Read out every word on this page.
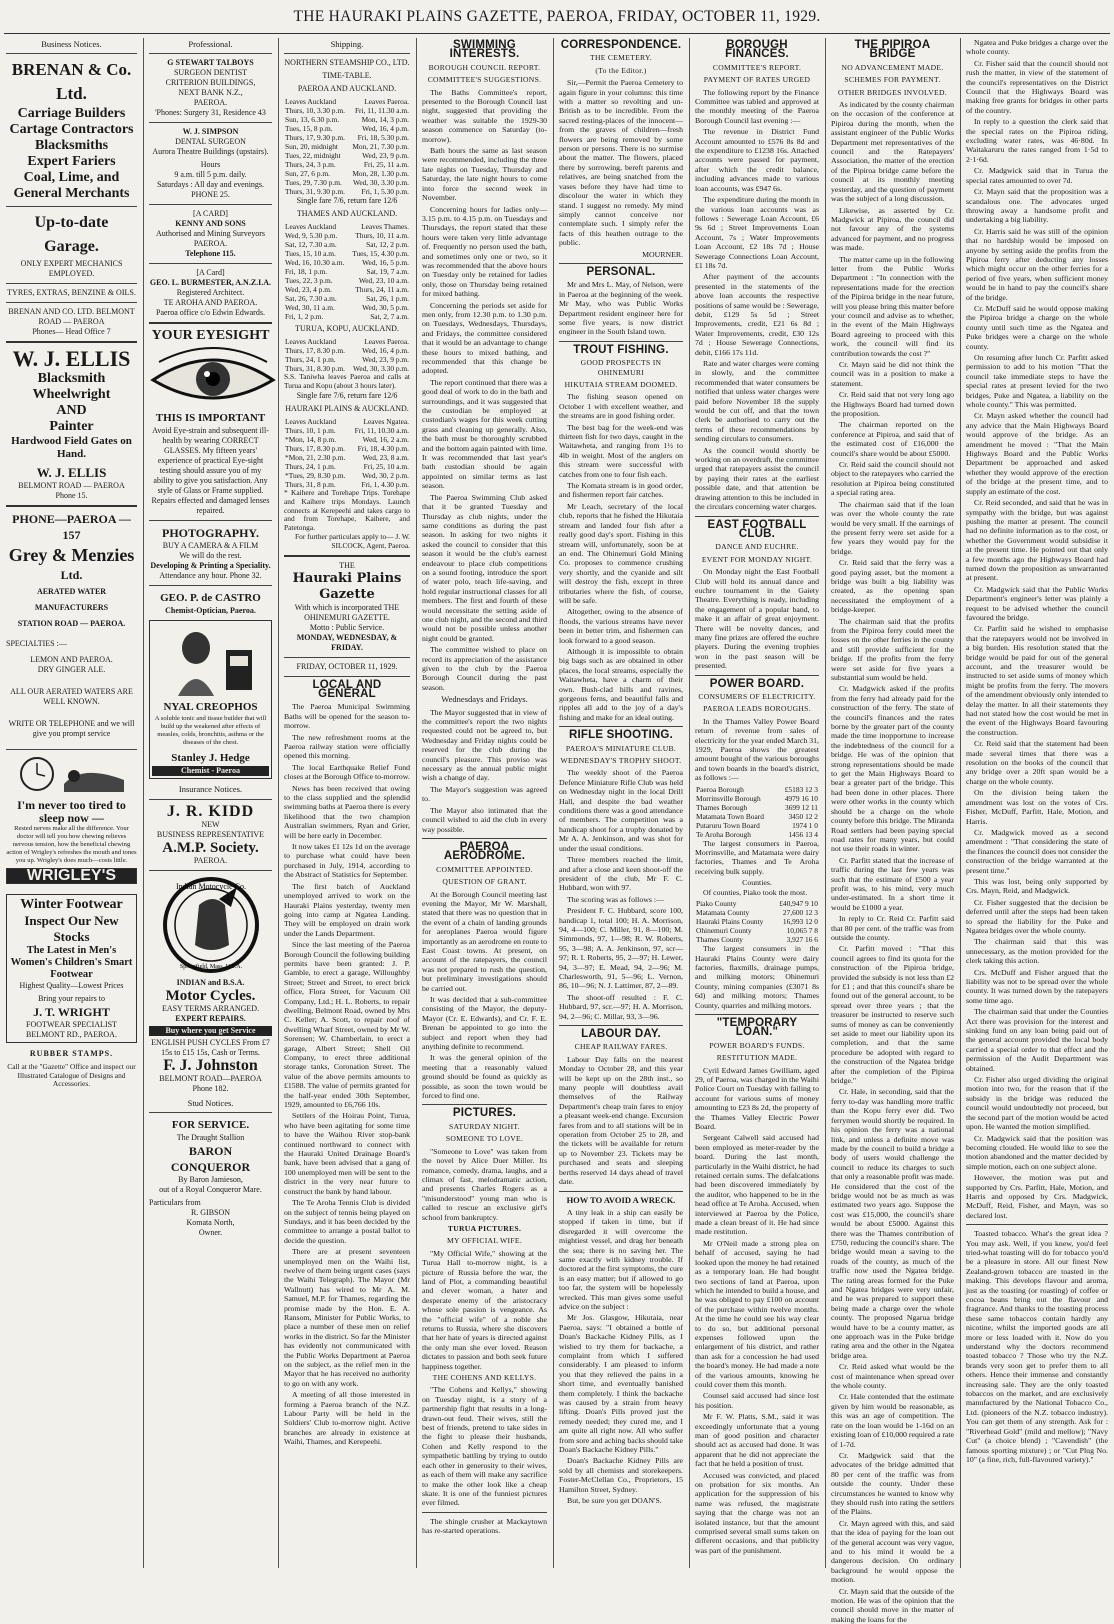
THE HAURAKI PLAINS GAZETTE, PAEROA, FRIDAY, OCTOBER 11, 1929.
Business Notices.
BRENAN & Co. Ltd.
Carriage Builders
Cartage Contractors
Blacksmiths
Expert Fariers
Coal, Lime, and
General Merchants
Up-to-date Garage.
ONLY EXPERT MECHANICS
EMPLOYED.
TYRES, EXTRAS, BENZINE & OILS.
BRENAN AND CO. LTD. BELMONT ROAD — PAEROA
Phones— Head Office 7
W. J. ELLIS
Blacksmith
Wheelwright
AND
Painter
Hardwood Field Gates on Hand.
W. J. ELLIS
BELMONT ROAD — PAEROA
Phone 15.
PHONE—PAEROA —157
Grey & Menzies
Ltd.
AERATED WATER
MANUFACTURERS
STATION ROAD — PAEROA.
SPECIALTIES :—
LEMON AND PAEROA.
DRY GINGER ALE.
ALL OUR AERATED WATERS ARE WELL KNOWN.
WRITE OR TELEPHONE and we will give you prompt service
I'm never too tired to sleep now —
Rested nerves make all the difference. Your doctor will tell you how chewing relieves nervous tension, how the beneficial chewing action of Wrigley's refreshes the mouth and tones you up. Wrigley's does much—costs little.
WRIGLEY'S
Winter Footwear
Inspect Our New Stocks
The Latest in Men's Women's Children's Smart Footwear
Highest Quality—Lowest Prices
Bring your repairs to
J. T. WRIGHT
FOOTWEAR SPECIALIST BELMONT RD., PAEROA.
RUBBER STAMPS.
Call at the "Gazette" Office and inspect our Illustrated Catalogue of Designs and Accessories.
Professional.
G STEWART TALBOYS
SURGEON DENTIST
CRITERION BUILDINGS,
NEXT BANK N.Z.,
PAEROA.
'Phones: Surgery 31, Residence 43
W. J. SIMPSON
DENTAL SURGEON
Aurora Theatre Buildings (upstairs).
Hours
9 a.m. till 5 p.m. daily.
Saturdays : All day and evenings.
PHONE 25.
[A CARD]
KENNY AND SONS
Authorised and Mining Surveyors
PAEROA.
Telephone 115.
[A Card]
GEO. L. BURMESTER, A.N.Z.I.A.
Registered Architect.
TE AROHA AND PAEROA.
Paeroa office c/o Edwin Edwards.
YOUR EYESIGHT
THIS IS IMPORTANT
Avoid Eye-strain and subsequent ill-health by wearing CORRECT GLASSES. My fifteen years' experience of practical Eye-sight testing should assure you of my ability to give you satisfaction. Any style of Glass or Frame supplied. Repairs effected and damaged lenses repaired.
PHOTOGRAPHY.
BUY A CAMERA & A FILM
We will do the rest.
Developing & Printing a Speciality.
Attendance any hour. Phone 32.
GEO. P. de CASTRO
Chemist-Optician, Paeroa.
NYAL CREOPHOS
A soluble tonic and tissue builder that will build up the weakened after effects of measles, colds, bronchitis, asthma or the diseases of the chest.
Stanley J. Hedge
Chemist - Paeroa
Insurance Notices.
J. R. KIDD
NEW
BUSINESS REPRESENTATIVE
A.M.P. Society.
PAEROA.
Indian Motocycle Co.
Springfield, Mass. U.S.A.
INDIAN and B.S.A.
Motor Cycles.
EASY TERMS ARRANGED.
EXPERT REPAIRS.
Buy where you get Service
ENGLISH PUSH CYCLES From £7 15s to £15 15s, Cash or Terms.
F. J. Johnston
BELMONT ROAD—PAEROA
Phone 182.
Stud Notices.
FOR SERVICE.
The Draught Stallion
BARON CONQUEROR
By Baron Jamieson,
out of a Royal Conqueror Mare.
Particulars from
R. GIBSON
Komata North,
Owner.
Shipping.
NORTHERN STEAMSHIP CO., LTD.
TIME-TABLE.
PAEROA AND AUCKLAND.
Leaves Auckland	Leaves Paeroa.
Thurs, 10, 3.30 p.m.	Fri, 11, 11.30 a.m.
Sun, 13, 6.30 p.m.	Mon, 14, 3 p.m.
Tues, 15, 8 p.m.	Wed, 16, 4 p.m.
Thurs, 17, 9.30 p.m.	Fri, 18, 5.30 p.m.
Sun, 20, midnight	Mon, 21, 7.30 p.m.
Tues, 22, midnight	Wed, 23, 9 p.m.
Thurs, 24, 3 p.m.	Fri, 25, 11 a.m.
Sun, 27, 6 p.m.	Mon, 28, 1.30 p.m.
Tues, 29, 7.30 p.m.	Wed, 30, 3.30 p.m.
Thurs, 31, 9.30 p.m.	Fri, 1, 5.30 p.m.
Single fare 7/6, return fare 12/6
THAMES AND AUCKLAND.
Leaves Auckland	Leaves Thames.
Wed, 9, 5.30 p.m.	Thurs, 10, 11 a.m.
Sat, 12, 7.30 a.m.	Sat, 12, 2 p.m.
Tues, 15, 10 a.m.	Tues, 15, 4.30 p.m.
Wed, 16, 10.30 a.m.	Wed, 16, 5 p.m.
Fri, 18, 1 p.m.	Sat, 19, 7 a.m.
Tues, 22, 3 p.m.	Wed, 23, 10 a.m.
Wed, 23, 4 p.m.	Thurs, 24, 11 a.m.
Sat, 26, 7.30 a.m.	Sat, 26, 1 p.m.
Wed, 30, 11 a.m.	Wed, 30, 5 p.m.
Fri, 1, 2 p.m.	Sat, 2, 7 a.m.
TURUA, KOPU, AUCKLAND.
Leaves Auckland	Leaves Paeroa.
Thurs, 17, 8.30 p.m.	Wed, 16, 4 p.m.
Thurs, 24, 1 p.m.	Wed, 23, 9 p.m.
Thurs, 31, 8.30 p.m.	Wed, 30, 3.30 p.m.
S.S. Taniwha leaves Paeroa and calls at Turua and Kopu (about 3 hours later).
Single fare 7/6, return fare 12/6
HAURAKI PLAINS & AUCKLAND.
Leaves Auckland	Leaves Ngatea.
Thurs, 10, 1 p.m.	Fri, 11, 10.30 a.m.
*Mon, 14, 8 p.m.	Wed, 16, 2 a.m.
Thurs, 17, 8.30 p.m.	Fri, 18, 4.30 p.m.
*Mon, 21, 2.30 p.m.	Wed, 23, 8 a.m.
Thurs, 24, 1 p.m.	Fri, 25, 10 a.m.
*Tues, 29, 8.30 p.m.	Wed, 30, 2 p.m.
Thurs, 31, 8 p.m.	Fri, 1, 4.30 p.m.
* Kaihere and Torehape Trips. Torehape and Kaihere trips Mondays. Launch connects at Kerepeehi and takes cargo to and from Torehape, Kaihere, and Patetonga.
For further particulars apply to— J. W. SILCOCK, Agent, Paeroa.
THE
Hauraki Plains Gazette
With which is incorporated THE OHINEMURI GAZETTE.
Motto : Public Service.
MONDAY, WEDNESDAY, & FRIDAY.
FRIDAY, OCTOBER 11, 1929.
LOCAL AND GENERAL

The Paeroa Municipal Swimming Baths will be opened for the season to-morrow.

The new refreshment rooms at the Paeroa railway station were officially opened this morning.

The local Earthquake Relief Fund closes at the Borough Office to-morrow.

News has been received that owing to the class supplied and the splendid swimming baths at Paeroa there is every likelihood that the two champion Australian swimmers, Ryan and Grier, will be here early in December.

It now takes £1 12s 1d on the average to purchase what could have been purchased in July, 1914, according to the Abstract of Statistics for September.

The first batch of Auckland unemployed arrived to work on the Hauraki Plains yesterday, twenty men going into camp at Ngatea Landing. They will be employed on drain work under the Lands Department.

Since the last meeting of the Paeroa Borough Council the following building permits have been granted: J. P. Gamble, to erect a garage, Willoughby Street; Street and Street, to erect brick office, Flora Street, for Vacuum Oil Company, Ltd.; H. L. Roberts, to repair dwelling, Belmont Road, owned by Mrs C. Keller; A. Scott, to repair roof of dwelling Wharf Street, owned by Mr W. Sorensen; W. Chamberlain, to erect a garage, Albert Street; Shell Oil Company, to erect three additional storage tanks, Coronation Street. The value of the above permits amounts to £1588. The value of permits granted for the half-year ended 30th September, 1929, amounted to £6,766 10s.

Settlers of the Hoirau Point, Turua, who have been agitating for some time to have the Waihou River stop-bank continued northward to connect with the Hauraki United Drainage Board's bank, have been advised that a gang of 100 unemployed men will be sent to the district in the very near future to construct the bank by hand labour.

The Te Aroha Tennis Club is divided on the subject of tennis being played on Sundays, and it has been decided by the committee to arrange a postal ballot to decide the question.

There are at present seventeen unemployed men on the Waihi list, twelve of them being urgent cases (says the Waihi Telegraph). The Mayor (Mr Wallnutt) has wired to Mr A. M. Samuel, M.P. for Thames, regarding the promise made by the Hon. E. A. Ransom, Minister for Public Works, to place a number of these men on relief works in the district. So far the Minister has evidently not communicated with the Public Works Department at Paeroa on the subject, as the relief men in the Mayor that he has received no authority to go on with any work.

A meeting of all those interested in forming a Paeroa branch of the N.Z. Labour Party will be held in the Soldiers' Club to-morrow night. Active branches are already in existence at Waihi, Thames, and Kerepeehi.

SWIMMING INTERESTS.
BOROUGH COUNCIL REPORT.
COMMITTEE'S SUGGESTIONS.

The Baths Committee's report, presented to the Borough Council last night, suggested that providing the weather was suitable the 1929-30 season commence on Saturday (to-morrow).

Bath hours the same as last season were recommended, including the three late nights on Tuesday, Thursday and Saturday, the late night hours to come into force the second week in November.

Concerning hours for ladies only—3.15 p.m. to 4.15 p.m. on Tuesdays and Thursdays, the report stated that these hours were taken very little advantage of. Frequently no person used the bath, and sometimes only one or two, so it was recommended that the above hours on Tuesday only be retained for ladies only, those on Thursday being retained for mixed bathing.

Concerning the periods set aside for men only, from 12.30 p.m. to 1.30 p.m. on Tuesdays, Wednesdays, Thursdays, and Fridays, the committee considered that it would be an advantage to change these hours to mixed bathing, and recommended that this change be adopted.

The report continued that there was a good deal of work to do in the bath and surroundings, and it was suggested that the custodian be employed at custodian's wages for this week cutting grass and cleaning up generally. Also, the bath must be thoroughly scrubbed and the bottom again painted with lime. It was recommended that last year's bath custodian should be again appointed on similar terms as last season.

The Paeroa Swimming Club asked that it be granted Tuesday and Thursday as club nights, under the same conditions as during the past season. In asking for two nights it asked the council to consider that this season it would be the club's earnest endeavour to place club competitions on a sound footing, introduce the sport of water polo, teach life-saving, and hold regular instructional classes for all members. The first and fourth of these would necessitate the setting aside of one club night, and the second and third would not be possible unless another night could be granted.

The committee wished to place on record its appreciation of the assistance given to the club by the Paeroa Borough Council during the past season.

Wednesdays and Fridays.

The Mayor suggested that in view of the committee's report the two nights requested could not be agreed to, but Wednesday and Friday nights could be reserved for the club during the council's pleasure. This proviso was necessary as the annual public might wish a change of day.

The Mayor's suggestion was agreed to.

The Mayor also intimated that the council wished to aid the club in every way possible.

PAEROA AERODROME.
COMMITTEE APPOINTED.
QUESTION OF GRANT.

At the Borough Council meeting last evening the Mayor, Mr W. Marshall, stated that there was no question that in the event of a chain of landing grounds for aeroplanes Paeroa would figure importantly as an aerodrome en route to East Coast towns. At present, on account of the ratepayers, the council was not prepared to rush the question, but preliminary investigations should be carried out.

It was decided that a sub-committee consisting of the Mayor, the deputy-Mayor (Cr. E. Edwards), and Cr. F. E. Brenan be appointed to go into the subject and report when they had anything definite to recommend.

It was the general opinion of the meeting that a reasonably valued ground should be found as quickly as possible, as soon the town would be forced to find one.

PICTURES.
SATURDAY NIGHT.
SOMEONE TO LOVE.

"Someone to Love" was taken from the novel by Alice Duer Miller. Its romance, comedy, drama, laughs, and a climax of fast, melodramatic action, and presents Charles Rogers as a "misunderstood" young man who is called to rescue an exclusive girl's school from bankruptcy.

TURUA PICTURES.
MY OFFICIAL WIFE.

"My Official Wife," showing at the Turua Hall to-morrow night, is a picture of Russia before the war, the land of Plot, a commanding beautiful and clever woman, a hater and desperate enemy of the aristocracy whose sole passion is vengeance. As the "official wife" of a noble she returns to Russia, where she discovers that her hate of years is directed against the only man she ever loved. Reason dictates to passion and both seek future happiness together.

THE COHENS AND KELLYS.

"The Cohens and Kellys," showing on Tuesday night, is a story of a partnership fight that results in a long-drawn-out feud. Their wives, still the best of friends, pretend to take sides in the fight to please their husbands, Cohen and Kelly respond to the sympathetic battling by trying to outdo each other in generosity to their wives, as each of them will make any sacrifice to make the other look like a cheap skate. It is one of the funniest pictures ever filmed.

The shingle crusher at Mackaytown has re-started operations.

CORRESPONDENCE.
THE CEMETERY.
(To the Editor.)

Sir,—Permit the Paeroa Cemetery to again figure in your columns: this time with a matter so revolting and un-British as to be incredible. From the sacred resting-places of the innocent—from the graves of children—fresh flowers are being removed by some person or persons. There is no surmise about the matter. The flowers, placed there by sorrowing, bereft parents and relatives, are being snatched from the vases before they have had time to discolour the water in which they stand. I suggest no remedy. My mind simply cannot conceive nor contemplate such. I simply refer the facts of this heathen outrage to the public.

MOURNER.
PERSONAL.

Mr and Mrs L. May, of Nelson, were in Paeroa at the beginning of the week. Mr May, who was Public Works Department resident engineer here for some five years, is now district engineer in the South Island town.

TROUT FISHING.
GOOD PROSPECTS IN OHINEMURI
HIKUTAIA STREAM DOOMED.

The fishing season opened on October 1 with excellent weather, and the streams are in good fishing order.

The best bag for the week-end was thirteen fish for two days, caught in the Waitawheta, and ranging from 1½ to 4lb in weight. Most of the anglers on this stream were successful with catches from one to four fish each.

The Komata stream is in good order, and fishermen report fair catches.

Mr Leach, secretary of the local club, reports that he fished the Hikutaia stream and landed four fish after a really good day's sport. Fishing in this stream will, unfortunately, soon be at an end. The Ohinemuri Gold Mining Co. proposes to commence crushing very shortly, and the cyanide and silt will destroy the fish, except in three tributaries where the fish, of course, will be safe.

Altogether, owing to the absence of floods, the various streams have never been in better trim, and fishermen can look forward to a good season.

Although it is impossible to obtain big bags such as are obtained in other places, the local streams, especially the Waitawheta, have a charm of their own. Bush-clad hills and ravines, gorgeous ferns, and beautiful falls and ripples all add to the joy of a day's fishing and make for an ideal outing.

RIFLE SHOOTING.
PAEROA'S MINIATURE CLUB.
WEDNESDAY'S TROPHY SHOOT.

The weekly shoot of the Paeroa Defence Miniature Rifle Club was held on Wednesday night in the local Drill Hall, and despite the bad weather conditions there was a good attendance of members. The competition was a handicap shoot for a trophy donated by Mr A. A. Jenkinson, and was shot for under the usual conditions.

Three members reached the limit, and after a close and keen shoot-off the president of the club, Mr F. C. Hubbard, won with 97.

The scoring was as follows :—

President F. C. Hubbard, score 100, handicap 1, total 100; H. A. Morrison, 94, 4—100; C. Miller, 91, 8—100; M. Simmonds, 97, 1—98; R. W. Roberts, 95, 3—98; A. A. Jenkinson, 97, scr—97; R. I. Roberts, 95, 2—97; H. Lewer, 94, 3—97; E. Mead, 94, 2—96; M. Charlesworth, 91, 5—96; L. Vernon, 86, 10—96; N. J. Lattimer, 87, 2—89.

The shoot-off resulted : F. C. Hubbard, 97, scr.—97; H. A. Morrison, 94, 2—96; C. Millar, 93, 3—96.

LABOUR DAY.
CHEAP RAILWAY FARES.

Labour Day falls on the nearest Monday to October 28, and this year will be kept up on the 28th inst., so many people will doubtless avail themselves of the Railway Department's cheap train fares to enjoy a pleasant week-end change. Excursion fares from and to all stations will be in operation from October 25 to 28, and the tickets will be available for return up to November 23. Tickets may be purchased and seats and sleeping berths reserved 14 days ahead of travel date.

HOW TO AVOID A WRECK.

A tiny leak in a ship can easily be stopped if taken in time, but if disregarded it will overcome the mightiest vessel, and drag her beneath the sea; there is no saving her. The same exactly with kidney trouble. If doctored at the first symptoms, the cure is an easy matter; but if allowed to go too far, the system will be hopelessly wrecked. This man gives some useful advice on the subject :

Mr Jos. Glasgow, Hikutaia, near Paeroa, says: "I obtained a bottle of Doan's Backache Kidney Pills, as I wished to try them for backache, a complaint from which I suffered considerably. I am pleased to inform you that they relieved the pains in a short time, and eventually banished them completely. I think the backache was caused by a strain from heavy lifting. Doan's Pills proved just the remedy needed; they cured me, and I am quite all right now. All who suffer from sore and aching backs should take Doan's Backache Kidney Pills."

Doan's Backache Kidney Pills are sold by all chemists and storekeepers. Foster-McClellan Co., Proprietors, 15 Hamilton Street, Sydney.

But, be sure you get DOAN'S.

BOROUGH FINANCES.
COMMITTEE'S REPORT.
PAYMENT OF RATES URGED

The following report by the Finance Committee was tabled and approved at the monthly meeting of the Paeroa Borough Council last evening :—

The revenue in District Fund Account amounted to £576 8s 8d and the expenditure to £1238 16s. Attached accounts were passed for payment, after which the credit balance, including advances made to various loan accounts, was £947 6s.

The expenditure during the month in the various loan accounts was as follows : Sewerage Loan Account, £6 9s 6d ; Street Improvements Loan Account, 7s ; Water Improvements Loan Account, £2 18s 7d ; House Sewerage Connections Loan Account, £1 18s 7d.

After payment of the accounts presented in the statements of the above loan accounts the respective positions of same would be : Sewerage, debit, £129 5s 5d ; Street Improvements, credit, £21 6s 8d ; Water Improvements, credit, £30 12s 7d ; House Sewerage Connections, debit, £166 17s 11d.

Rate and water charges were coming in slowly, and the committee recommended that water consumers be notified that unless water charges were paid before November 18 the supply would be cut off, and that the town clerk be authorised to carry out the terms of these recommendations by sending circulars to consumers.

As the council would shortly be working on an overdraft, the committee urged that ratepayers assist the council by paying their rates at the earliest possible date, and that attention be drawing attention to this be included in the circulars concerning water charges.

EAST FOOTBALL CLUB.
DANCE AND EUCHRE.
EVENT FOR MONDAY NIGHT.

On Monday night the East Football Club will hold its annual dance and euchre tournament in the Gaiety Theatre. Everything is ready, including the engagement of a popular band, to make it an affair of great enjoyment. There will be novelty dances, and many fine prizes are offered the euchre players. During the evening trophies won in the past season will be presented.

POWER BOARD.
CONSUMERS OF ELECTRICITY.
PAEROA LEADS BOROUGHS.

In the Thames Valley Power Board return of revenue from sales of electricity for the year ended March 31, 1929, Paeroa shows the greatest amount bought of the various boroughs and town boards in the board's district, as follows :—

Paeroa Borough	£5183 12 3
Morrinsville Borough	4979 16 10
Thames Borough	3699 12 11
Matamata Town Board	3450 12 2
Putaruru Town Board	1974 1 0
Te Aroha Borough	1456 13 4

The largest consumers in Paeroa, Morrinsville, and Matamata were dairy factories, Thames and Te Aroha receiving bulk supply.

Counties.

Of counties, Piako took the most.

Piako County	£40,947 9 10
Matamata County	27,600 12 3
Hauraki Plains County	16,993 12 0
Ohinemuri County	10,065 7 8
Thames County	3,927 16 6

The largest consumers in the Hauraki Plains County were dairy factories, flaxmills, drainage pumps, and milking motors; Ohinemuri County, mining companies (£3071 8s 6d) and milking motors; Thames County, quarries and milking motors.

"TEMPORARY LOAN."
POWER BOARD'S FUNDS.
RESTITUTION MADE.

Cyril Edward James Gwilliam, aged 29, of Paeroa, was charged in the Waihi Police Court on Tuesday with failing to account for various sums of money amounting to £23 8s 2d, the property of the Thames Valley Electric Power Board.

Sergeant Calwell said accused had been employed as meter-reader by the board. During the last month, particularly in the Waihi district, he had retained certain sums. The defalcations had been discovered immediately by the auditor, who happened to be in the head office at Te Aroha. Accused, when interviewed at Paeroa by the Police, made a clean breast of it. He had since made restitution.

Mr O'Neil made a strong plea on behalf of accused, saying he had looked upon the money he had retained as a temporary loan. He had bought two sections of land at Paeroa, upon which he intended to build a house, and he was obliged to pay £100 on account of the purchase within twelve months. At the time he could see his way clear to do so, but additional personal expenses followed upon the enlargement of his district, and rather than ask for a concession he had used the board's money. He had made a note of the various amounts, knowing he could cover them this month.

Counsel said accused had since lost his position.

Mr F. W. Platts, S.M., said it was exceedingly unfortunate that a young man of good position and character should act as accused had done. It was apparent that he did not appreciate the fact that he held a position of trust.

Accused was convicted, and placed on probation for six months. An application for the suppression of his name was refused, the magistrate saying that the charge was not an isolated instance, but that the amount comprised several small sums taken on different occasions, and that publicity was part of the punishment.

THE PIPIROA BRIDGE
NO ADVANCEMENT MADE.
SCHEMES FOR PAYMENT.
OTHER BRIDGES INVOLVED.

As indicated by the county chairman on the occasion of the conference at Pipiroa during the month, when the assistant engineer of the Public Works Department met representatives of the council and the Ratepayers' Association, the matter of the erection of the Pipiroa bridge came before the council at its monthly meeting yesterday, and the question of payment was the subject of a long discussion.

Likewise, as asserted by Cr. Madgwick at Pipiroa, the council did not favour any of the systems advanced for payment, and no progress was made.

The matter came up in the following letter from the Public Works Department : "In connection with the representations made for the erection of the Pipiroa bridge in the near future, will you please bring this matter before your council and advise as to whether, in the event of the Main Highways Board agreeing to proceed with this work, the council will find its contribution towards the cost ?"

Cr. Mayn said he did not think the council was in a position to make a statement.

Cr. Reid said that not very long ago the Highways Board had turned down the proposition.

The chairman reported on the conference at Pipiroa, and said that of the estimated cost of £16,000 the council's share would be about £5000.

Cr. Reid said the council should not object to the ratepayers who carried the resolution at Pipiroa being constituted a special rating area.

The chairman said that if the loan was over the whole county the rate would be very small. If the earnings of the present ferry were set aside for a few years they would pay for the bridge.

Cr. Reid said that the ferry was a good paying asset, but the moment a bridge was built a big liability was created, as the opening span necessitated the employment of a bridge-keeper.

The chairman said that the profits from the Pipiroa ferry could meet the losses on the other ferries in the county and still provide sufficient for the bridge. If the profits from the ferry were set aside for five years a substantial sum would be held.

Cr. Madgwick asked if the profits from the ferry had already paid for the construction of the ferry. The state of the council's finances and the rates borne by the greater part of the county made the time inopportune to increase the indebtedness of the council for a bridge. He was of the opinion that strong representations should be made to get the Main Highways Board to bear a greater part of the bridge. This had been done in other places. There were other works in the county which should be a charge on the whole county before this bridge. The Miranda Road settlers had been paying special road rates for many years, but could not use their roads in winter.

Cr. Parfitt stated that the increase of traffic during the last few years was such that the estimate of £500 a year profit was, to his mind, very much under-estimated. In a short time it would be £1000 a year.

In reply to Cr. Reid Cr. Parfitt said that 80 per cent. of the traffic was from outside the county.

Cr. Parfitt moved : "That this council agrees to find its quota for the construction of the Pipiroa bridge, provided the subsidy is not less than £2 for £1 ; and that this council's share be found out of the general account, to be spread over three years ; that the treasurer be instructed to reserve such sums of money as can be conveniently set aside to meet our liability upon its completion, and that the same procedure be adopted with regard to the construction of the Ngatea bridge after the completion of the Pipiroa bridge."

Cr. Hale, in seconding, said that the ferry to-day was handling more traffic than the Kopu ferry ever did. Two ferrymen would shortly be required. In his opinion the ferry was a national link, and unless a definite move was made by the council to build a bridge a body of users would challenge the council to reduce its charges to such that only a reasonable profit was made. He considered that the cost of the bridge would not be as much as was estimated two years ago. Suppose the cost was £15,000, the council's share would be about £5000. Against this there was the Thames contribution of £750, reducing the council's share. The bridge would mean a saving to the roads of the county, as much of the traffic now used the Ngatea bridge. The rating areas formed for the Puke and Ngatea bridges were very unfair, and he was prepared to support these being made a charge over the whole county. The proposed Ngarua bridge would have to be a county matter, as one approach was in the Puke bridge rating area and the other in the Ngatea bridge area.

Cr. Reid asked what would be the cost of maintenance when spread over the whole county.

Cr. Hale contended that the estimate given by him would be reasonable, as this was an age of competition. The rate on the loan would be 1-16d on an existing loan of £10,000 required a rate of 1-7d.

Cr. Madgwick said that the advocates of the bridge admitted that 80 per cent of the traffic was from outside the county. Under these circumstances he wanted to know why they should rush into rating the settlers of the Plains.

Cr. Mayn agreed with this, and said that the idea of paying for the loan out of the general account was very vague, and to his mind it would be a dangerous decision. On ordinary background he would oppose the motion.

Cr. Mayn said that the outside of the motion. He was of the opinion that the council should move in the matter of making the loans for the

Ngatea and Puke bridges a charge over the whole county.

Cr. Fisher said that the council should not rush the matter, in view of the statement of the council's representatives on the District Council that the Highways Board was making free grants for bridges in other parts of the country.

In reply to a question the clerk said that the special rates on the Pipiroa riding, excluding water rates, was 46·80d. In Waitakaruru the rates ranged from 1·5d to 2·1·6d.

Cr. Madgwick said that in Turua the special rates amounted to over 7d.

Cr. Mayn said that the proposition was a scandalous one. The advocates urged throwing away a handsome profit and undertaking a big liability.

Cr. Harris said he was still of the opinion that no hardship would be imposed on anyone by setting aside the profits from the Pipiroa ferry after deducting any losses which might occur on the other ferries for a period of five years, when sufficient money would be in hand to pay the council's share of the bridge.

Cr. McDuff said he would oppose making the Pipiroa bridge a charge on the whole county until such time as the Ngatea and Puke bridges were a charge on the whole county.

On resuming after lunch Cr. Parfitt asked permission to add to his motion "That the council take immediate steps to have the special rates at present levied for the two bridges, Puke and Ngatea, a liability on the whole county." This was permitted.

Cr. Mayn asked whether the council had any advice that the Main Highways Board would approve of the bridge. As an amendment he moved : "That the Main Highways Board and the Public Works Department be approached and asked whether they would approve of the erection of the bridge at the present time, and to supply an estimate of the cost.

Cr. Reid seconded, and said that he was in sympathy with the bridge, but was against pushing the matter at present. The council had no definite information as to the cost, or whether the Government would subsidise it at the present time. He pointed out that only a few months ago the Highways Board had turned down the proposition as unwarranted at present.

Cr. Madgwick said that the Public Works Department's engineer's letter was plainly a request to be advised whether the council favoured the bridge.

Cr. Parfitt said he wished to emphasise that the ratepayers would not be involved in a big burden. His resolution stated that the bridge would be paid for out of the general account, and the treasurer would be instructed to set aside sums of money which might be profits from the ferry. The movers of the amendment obviously only intended to delay the matter. In all their statements they had not stated how the cost would be met in the event of the Highways Board favouring the construction.

Cr. Reid said that the statement had been made several times that there was a resolution on the books of the council that any bridge over a 20ft span would be a charge on the whole county.

On the division being taken the amendment was lost on the votes of Crs. Fisher, McDuff, Parfitt, Hale, Motion, and Harris.

Cr. Madgwick moved as a second amendment : "That considering the state of the finances the council does not consider the construction of the bridge warranted at the present time."

This was lost, being only supported by Crs. Mayn, Reid, and Madgwick.

Cr. Fisher suggested that the decision be deferred until after the steps had been taken to spread the liability for the Puke and Ngatea bridges over the whole county.

The chairman said that this was unnecessary, as the motion provided for the clerk taking this action.

Crs. McDuff and Fisher argued that the liability was not to be spread over the whole county. It was turned down by the ratepayers some time ago.

The chairman said that under the Counties Act there was provision for the interest and sinking fund on any loan being paid out of the general account provided the local body carried a special order to that effect and the permission of the Audit Department was obtained.

Cr. Fisher also urged dividing the original motion into two, for the reason that if the subsidy in the bridge was reduced the council would undoubtedly not proceed, but the second part of the motion would be acted upon. He wanted the motion simplified.

Cr. Madgwick said that the position was becoming clouded. He would like to see the motion abandoned and the matter decided by simple motion, each on one subject alone.

However, the motion was put and supported by Crs. Parfitt, Hale, Motion, and Harris and opposed by Crs. Madgwick, McDuff, Reid, Fisher, and Mayn, was so declared lost.

Toasted tobacco. What's the great idea ? You may ask. Well, if you knew, you'd feel tried-what toasting will do for tobacco you'd be a pleasure in store. All our finest New Zealand-grown tobacco are toasted in the making. This develops flavour and aroma, just as the toasting (or roasting) of coffee or cocoa beans bring out the flavour and fragrance. And thanks to the toasting process these same tobaccos contain hardly any nicotine, whilst the imported goods are all more or less loaded with it. Now do you understand why the doctors recommend toasted tobacco ? Those who try the N.Z. brands very soon get to prefer them to all others. Hence their immense and constantly increasing sale. They are the only toasted tobaccos on the market, and are exclusively manufactured by the National Tobacco Co., Ltd. (pioneers of the N.Z. tobacco industry). You can get them of any strength. Ask for : "Riverhead Gold" (mild and mellow); "Navy Cut" (a choice blend) ; "Cavendish" (the famous sporting mixture) ; or "Cut Plug No. 10" (a fine, rich, full-flavoured variety)."
